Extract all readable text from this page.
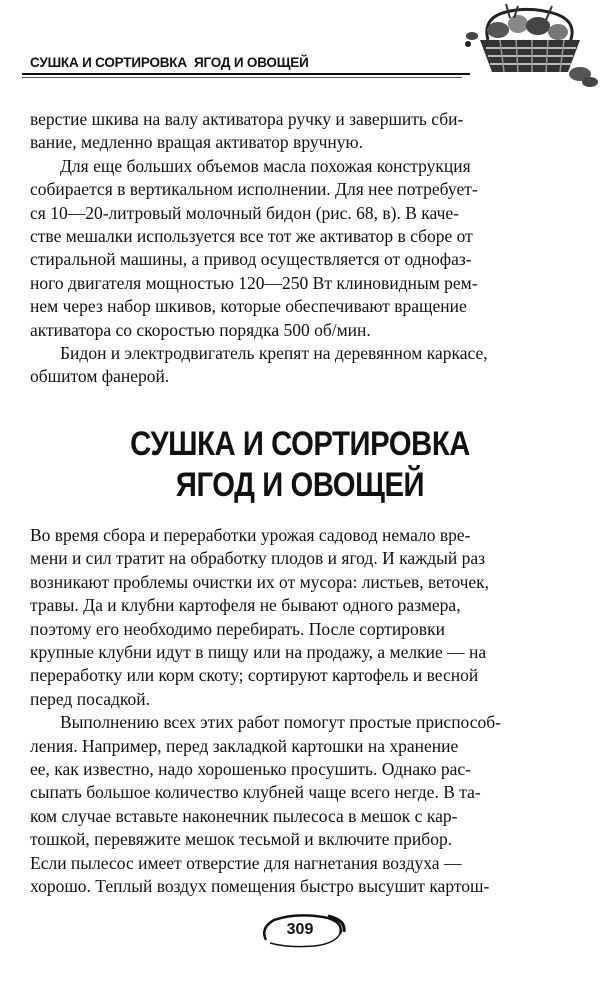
СУШКА И СОРТИРОВКА  ЯГОД И ОВОЩЕЙ

верстие шкива на валу активатора ручку и завершить сби-
вание, медленно вращая активатор вручную.

Для еще больших объемов масла похожая конструкция
собирается в вертикальном исполнении. Для нее потребует-
ся 10—20-литровый молочный бидон (рис. 68, в). В каче-
стве мешалки используется все тот же активатор в сборе от
стиральной машины, а привод осуществляется от однофаз-
ного двигателя мощностью 120—250 Вт клиновидным рем-
нем через набор шкивов, которые обеспечивают вращение
активатора со скоростью порядка 500 об/мин.

Бидон и электродвигатель крепят на деревянном каркасе,
обшитом фанерой.

СУШКА И СОРТИРОВКА
ЯГОД И ОВОЩЕЙ

Во время сбора и переработки урожая садовод немало вре-
мени и сил тратит на обработку плодов и ягод. И каждый раз
возникают проблемы очистки их от мусора: листьев, веточек,
травы. Да и клубни картофеля не бывают одного размера,
поэтому его необходимо перебирать. После сортировки
крупные клубни идут в пищу или на продажу, а мелкие — на
переработку или корм скоту; сортируют картофель и весной
перед посадкой.

Выполнению всех этих работ помогут простые приспособ-
ления. Например, перед закладкой картошки на хранение
ее, как известно, надо хорошенько просушить. Однако рас-
сыпать большое количество клубней чаще всего негде. В та-
ком случае вставьте наконечник пылесоса в мешок с кар-
тошкой, перевяжите мешок тесьмой и включите прибор.
Если пылесос имеет отверстие для нагнетания воздуха —
хорошо. Теплый воздух помещения быстро высушит картош-

309
